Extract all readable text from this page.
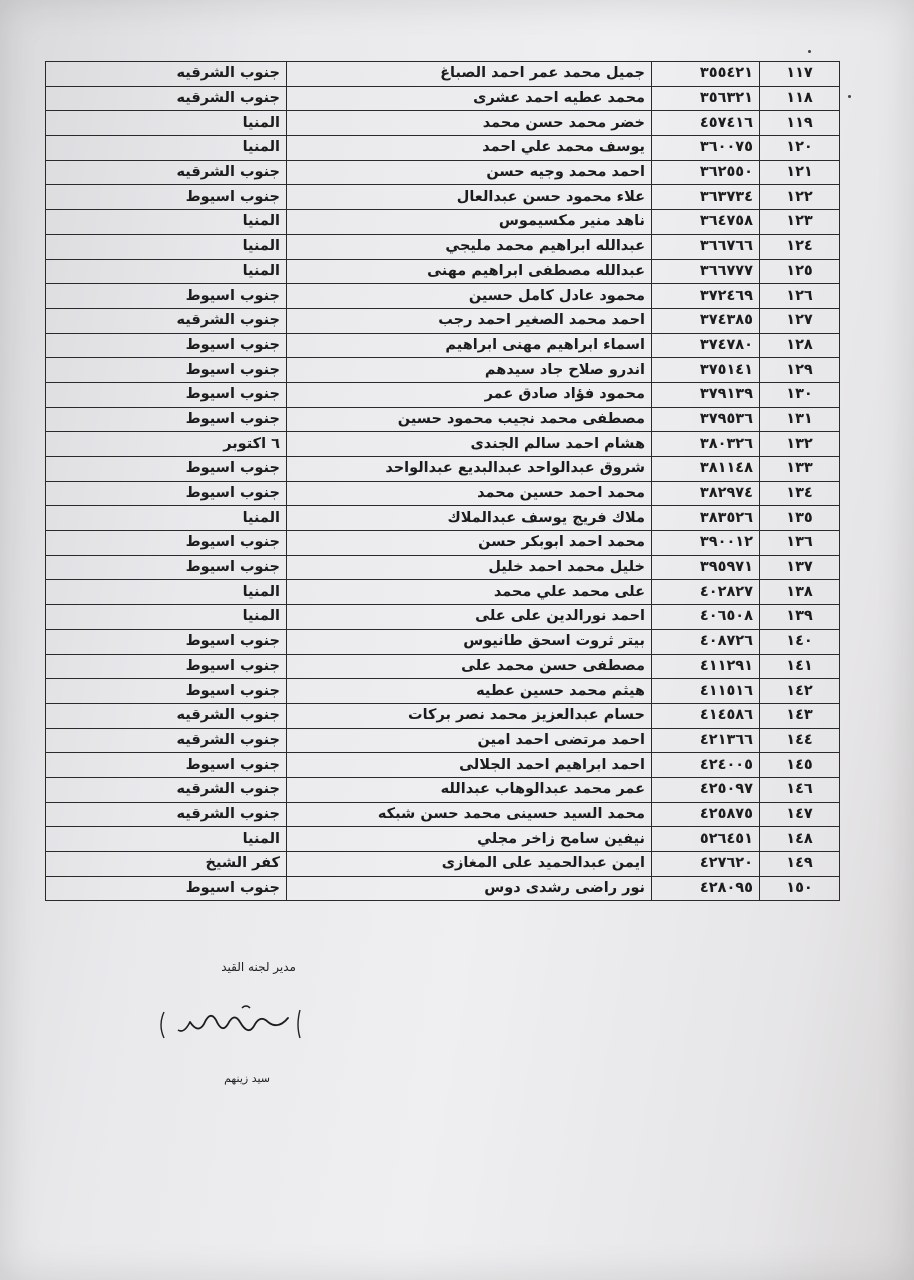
١١٧	٣٥٥٤٢١	جميل محمد عمر احمد الصباغ	جنوب الشرقيه
١١٨	٣٥٦٣٢١	محمد عطيه احمد عشرى	جنوب الشرقيه
١١٩	٤٥٧٤١٦	خضر محمد حسن محمد	المنيا
١٢٠	٣٦٠٠٧٥	يوسف محمد علي احمد	المنيا
١٢١	٣٦٢٥٥٠	احمد محمد وجيه حسن	جنوب الشرقيه
١٢٢	٣٦٣٧٣٤	علاء محمود حسن عبدالعال	جنوب اسيوط
١٢٣	٣٦٤٧٥٨	ناهد منير مكسيموس	المنيا
١٢٤	٣٦٦٧٦٦	عبدالله ابراهيم محمد مليجي	المنيا
١٢٥	٣٦٦٧٧٧	عبدالله مصطفى ابراهيم مهنى	المنيا
١٢٦	٣٧٢٤٦٩	محمود عادل كامل حسين	جنوب اسيوط
١٢٧	٣٧٤٣٨٥	احمد محمد الصغير احمد رجب	جنوب الشرقيه
١٢٨	٣٧٤٧٨٠	اسماء ابراهيم مهنى ابراهيم	جنوب اسيوط
١٢٩	٣٧٥١٤١	اندرو صلاح جاد سيدهم	جنوب اسيوط
١٣٠	٣٧٩١٣٩	محمود فؤاد صادق عمر	جنوب اسيوط
١٣١	٣٧٩٥٣٦	مصطفى محمد نجيب محمود حسين	جنوب اسيوط
١٣٢	٣٨٠٣٢٦	هشام احمد سالم الجندى	٦ اكتوبر
١٣٣	٣٨١١٤٨	شروق عبدالواحد عبدالبديع عبدالواحد	جنوب اسيوط
١٣٤	٣٨٢٩٧٤	محمد احمد حسين محمد	جنوب اسيوط
١٣٥	٣٨٣٥٢٦	ملاك فريج يوسف عبدالملاك	المنيا
١٣٦	٣٩٠٠١٢	محمد احمد ابوبكر حسن	جنوب اسيوط
١٣٧	٣٩٥٩٧١	خليل محمد احمد خليل	جنوب اسيوط
١٣٨	٤٠٢٨٢٧	على محمد علي محمد	المنيا
١٣٩	٤٠٦٥٠٨	احمد نورالدين على على	المنيا
١٤٠	٤٠٨٧٢٦	بيتر ثروت اسحق طانيوس	جنوب اسيوط
١٤١	٤١١٢٩١	مصطفى حسن محمد على	جنوب اسيوط
١٤٢	٤١١٥١٦	هيثم محمد حسين عطيه	جنوب اسيوط
١٤٣	٤١٤٥٨٦	حسام عبدالعزيز محمد نصر بركات	جنوب الشرقيه
١٤٤	٤٢١٣٦٦	احمد مرتضى احمد امين	جنوب الشرقيه
١٤٥	٤٢٤٠٠٥	احمد ابراهيم احمد الجلالى	جنوب اسيوط
١٤٦	٤٢٥٠٩٧	عمر محمد عبدالوهاب عبدالله	جنوب الشرقيه
١٤٧	٤٢٥٨٧٥	محمد السيد حسينى محمد حسن شبكه	جنوب الشرقيه
١٤٨	٥٢٦٤٥١	نيفين سامح زاخر مجلي	المنيا
١٤٩	٤٢٧٦٢٠	ايمن عبدالحميد على المغازى	كفر الشيخ
١٥٠	٤٢٨٠٩٥	نور راضى رشدى دوس	جنوب اسيوط
مدير لجنه القيد
سيد زينهم
